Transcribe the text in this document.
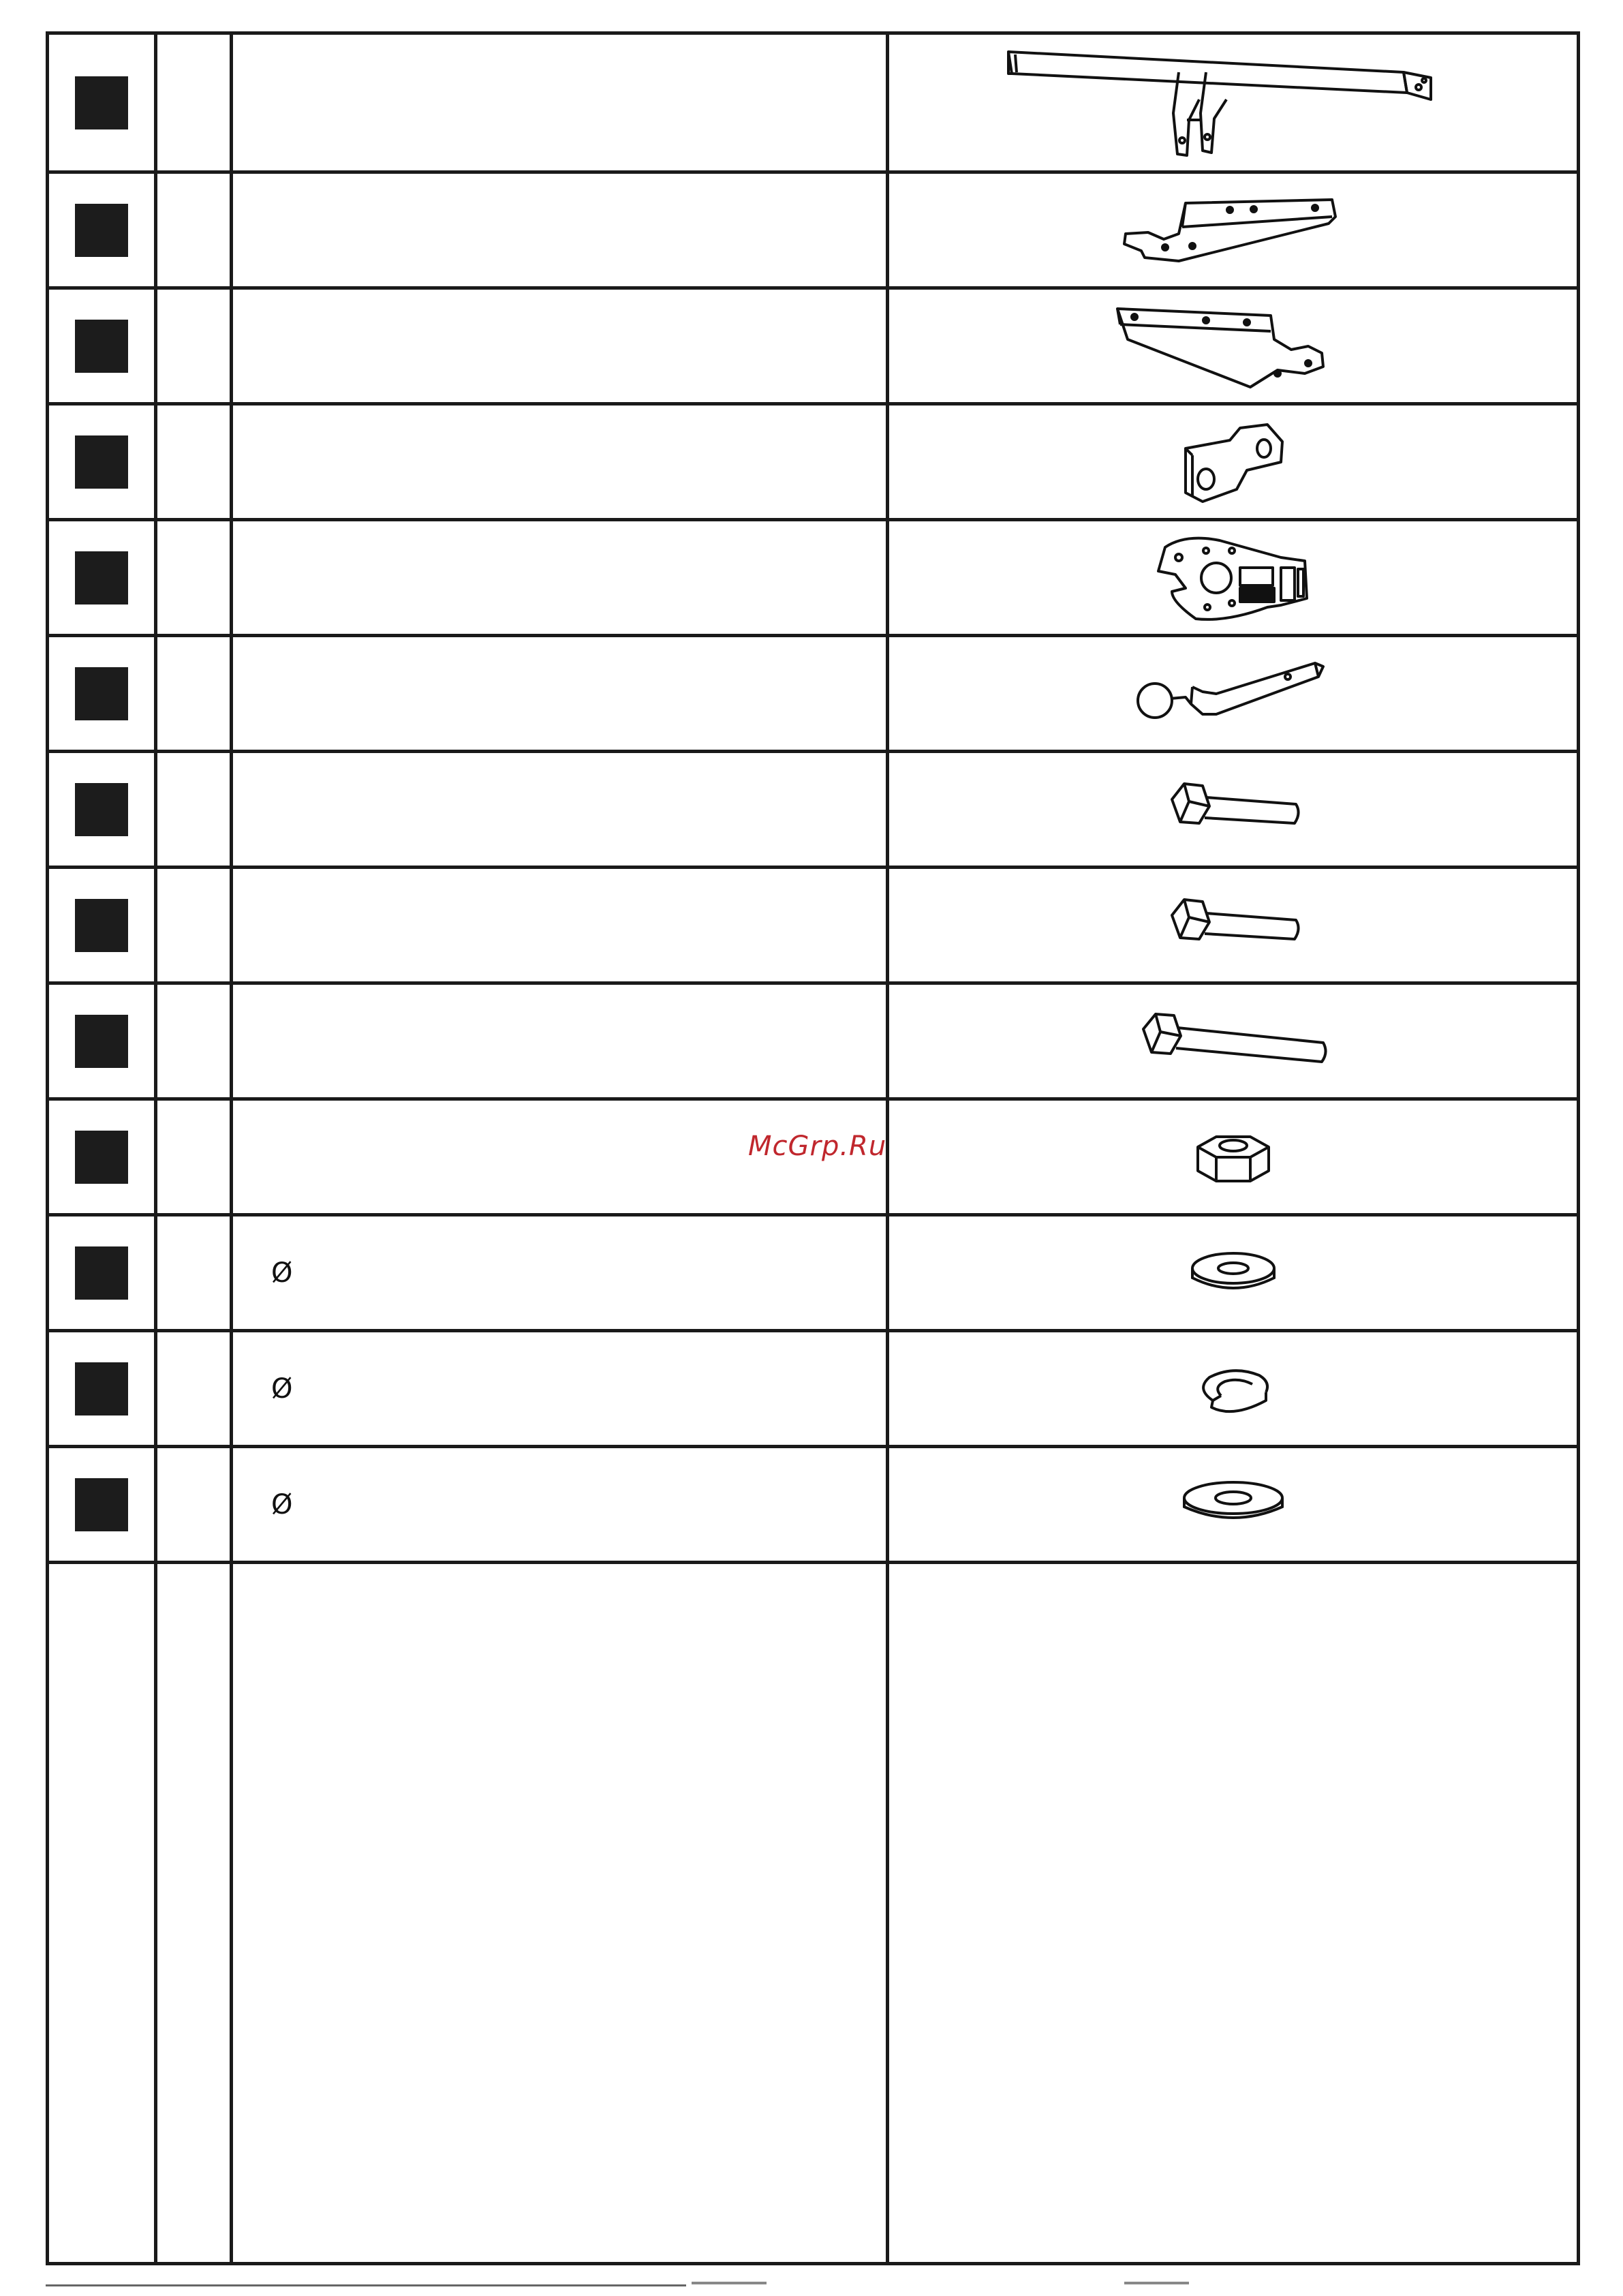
		Ø	

		Ø	

		Ø	

McGrp.Ru
